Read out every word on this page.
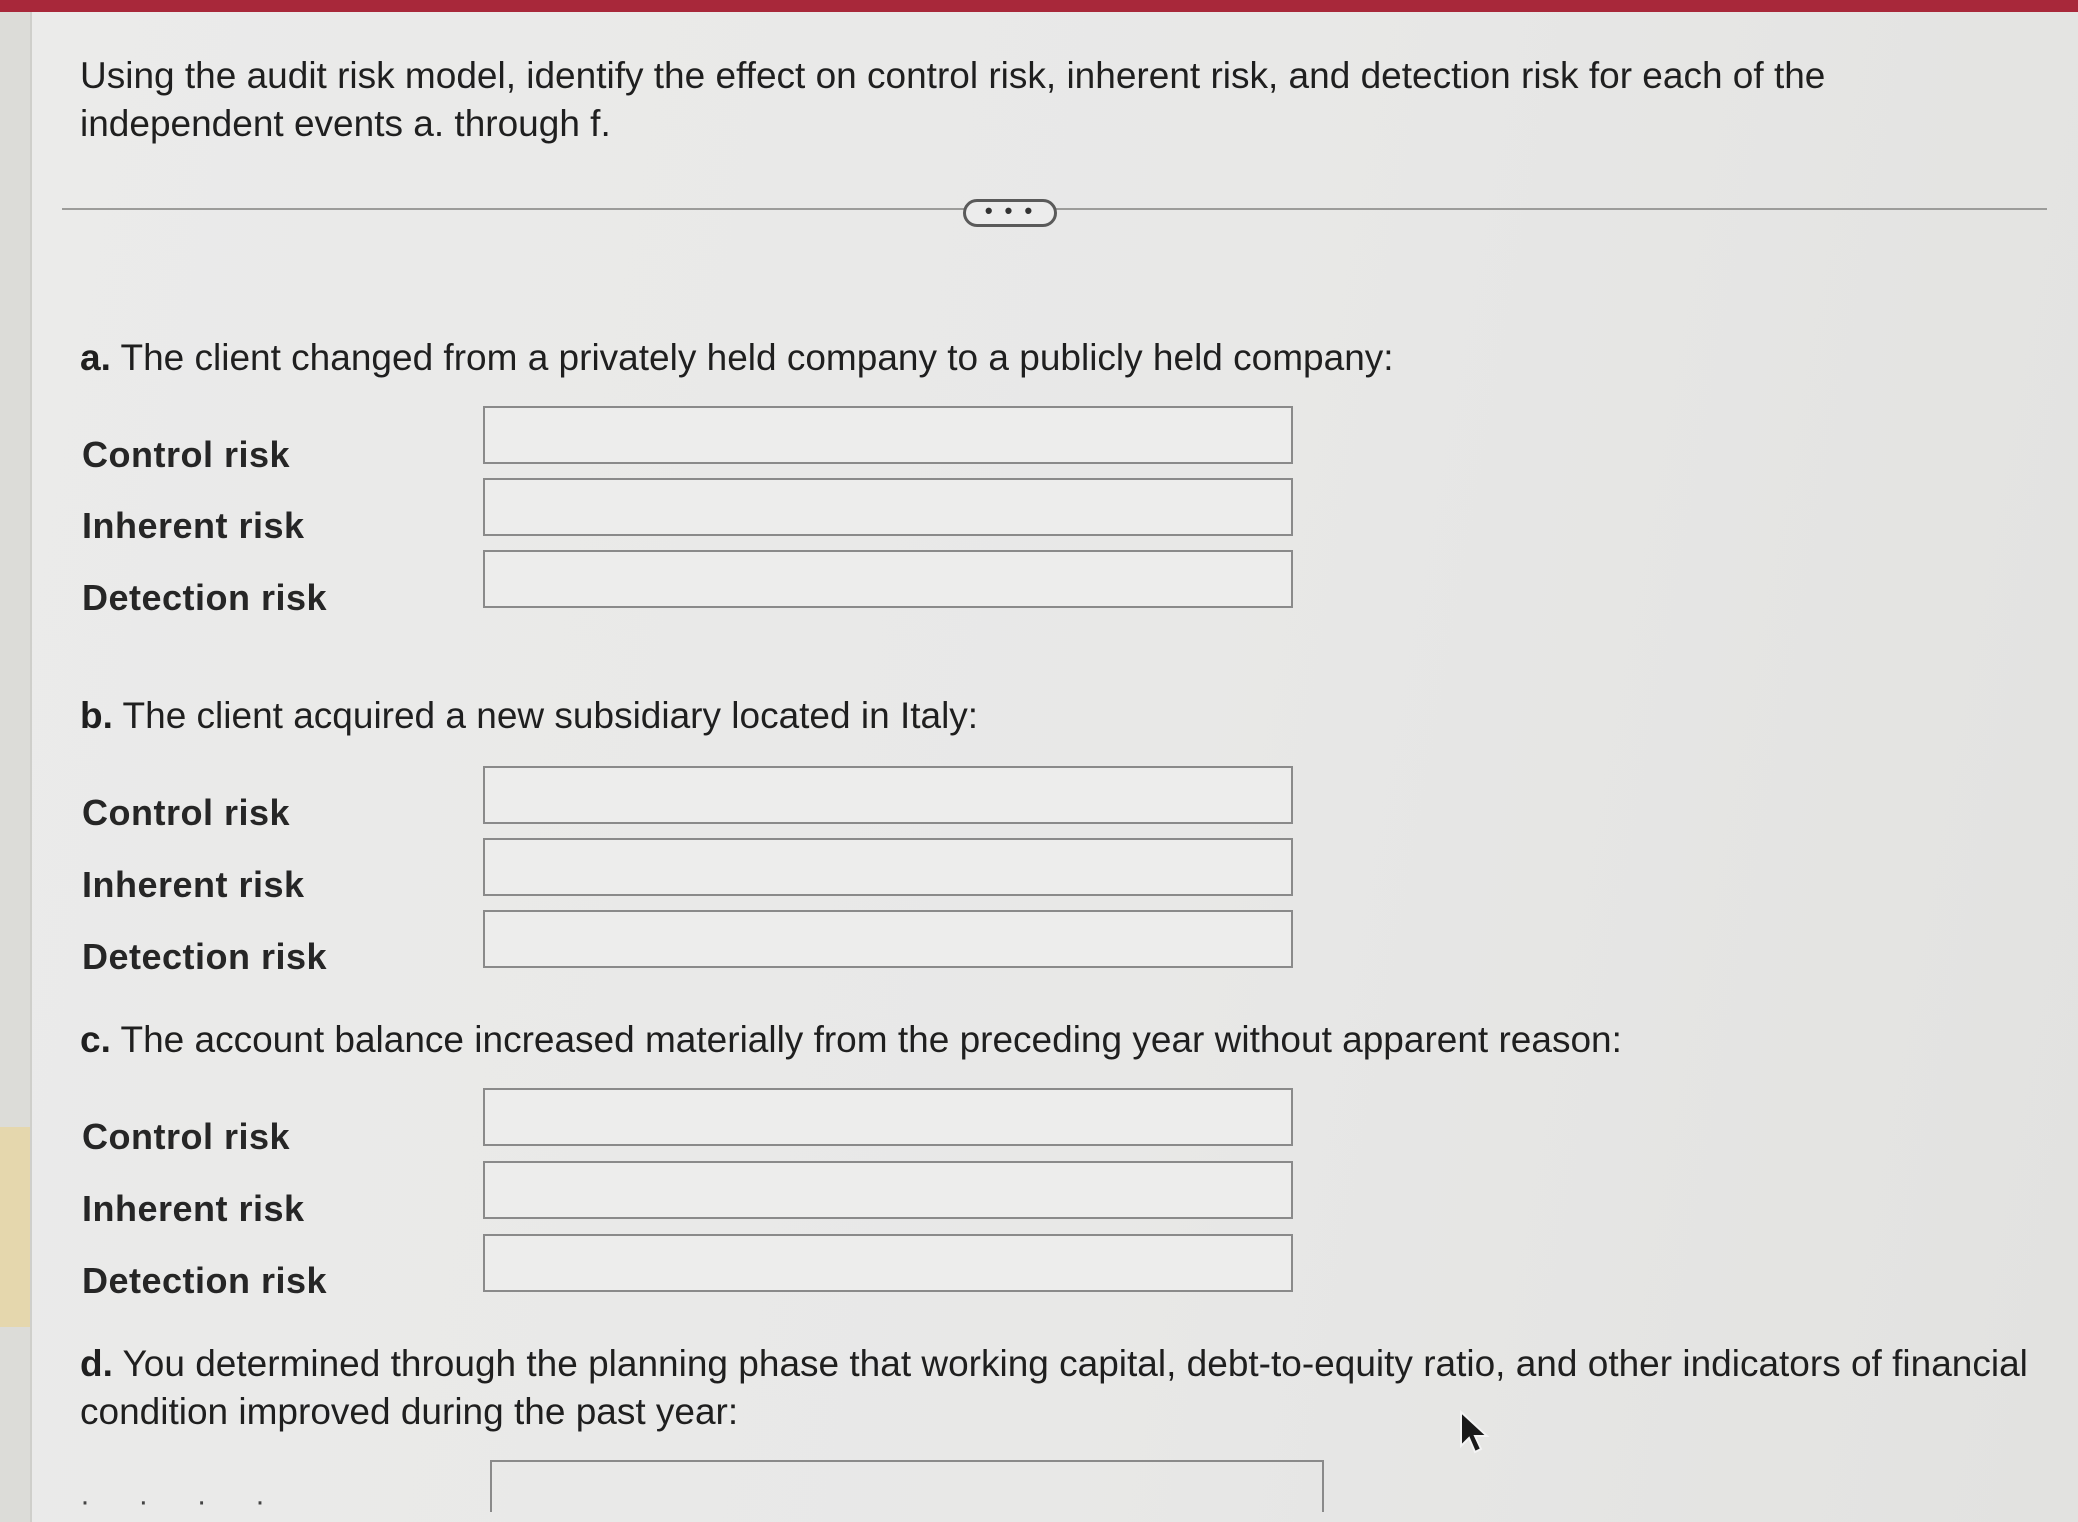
Using the audit risk model, identify the effect on control risk, inherent risk, and detection risk for each of the independent events a. through f.
• • •
a. The client changed from a privately held company to a publicly held company:
Control risk
Inherent risk
Detection risk
b. The client acquired a new subsidiary located in Italy:
Control risk
Inherent risk
Detection risk
c. The account balance increased materially from the preceding year without apparent reason:
Control risk
Inherent risk
Detection risk
d. You determined through the planning phase that working capital, debt-to-equity ratio, and other indicators of financial condition improved during the past year:
· · · ·
